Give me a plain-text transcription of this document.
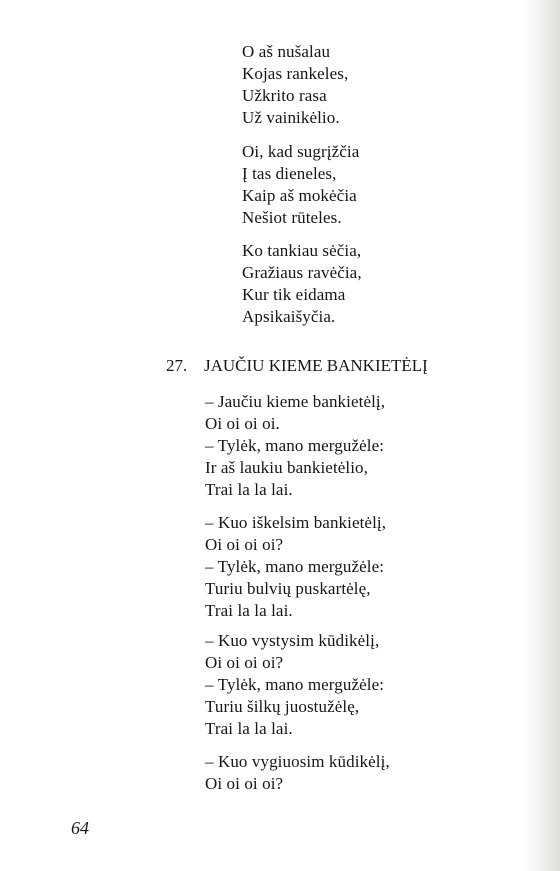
O aš nušalau
Kojas rankeles,
Užkrito rasa
Už vainikėlio.
Oi, kad sugrįžčia
Į tas dieneles,
Kaip aš mokėčia
Nešiot rūteles.
Ko tankiau sėčia,
Gražiaus ravėčia,
Kur tik eidama
Apsikaišyčia.
27. JAUČIU KIEME BANKIETĖLĮ
– Jaučiu kieme bankietėlį,
Oi oi oi oi.
– Tylėk, mano mergužėle:
Ir aš laukiu bankietėlio,
Trai la la lai.
– Kuo iškelsim bankietėlį,
Oi oi oi oi?
– Tylėk, mano mergužėle:
Turiu bulvių puskartėlę,
Trai la la lai.
– Kuo vystysim kūdikėlį,
Oi oi oi oi?
– Tylėk, mano mergužėle:
Turiu šilkų juostužėlę,
Trai la la lai.
– Kuo vygiuosim kūdikėlį,
Oi oi oi oi?
64
